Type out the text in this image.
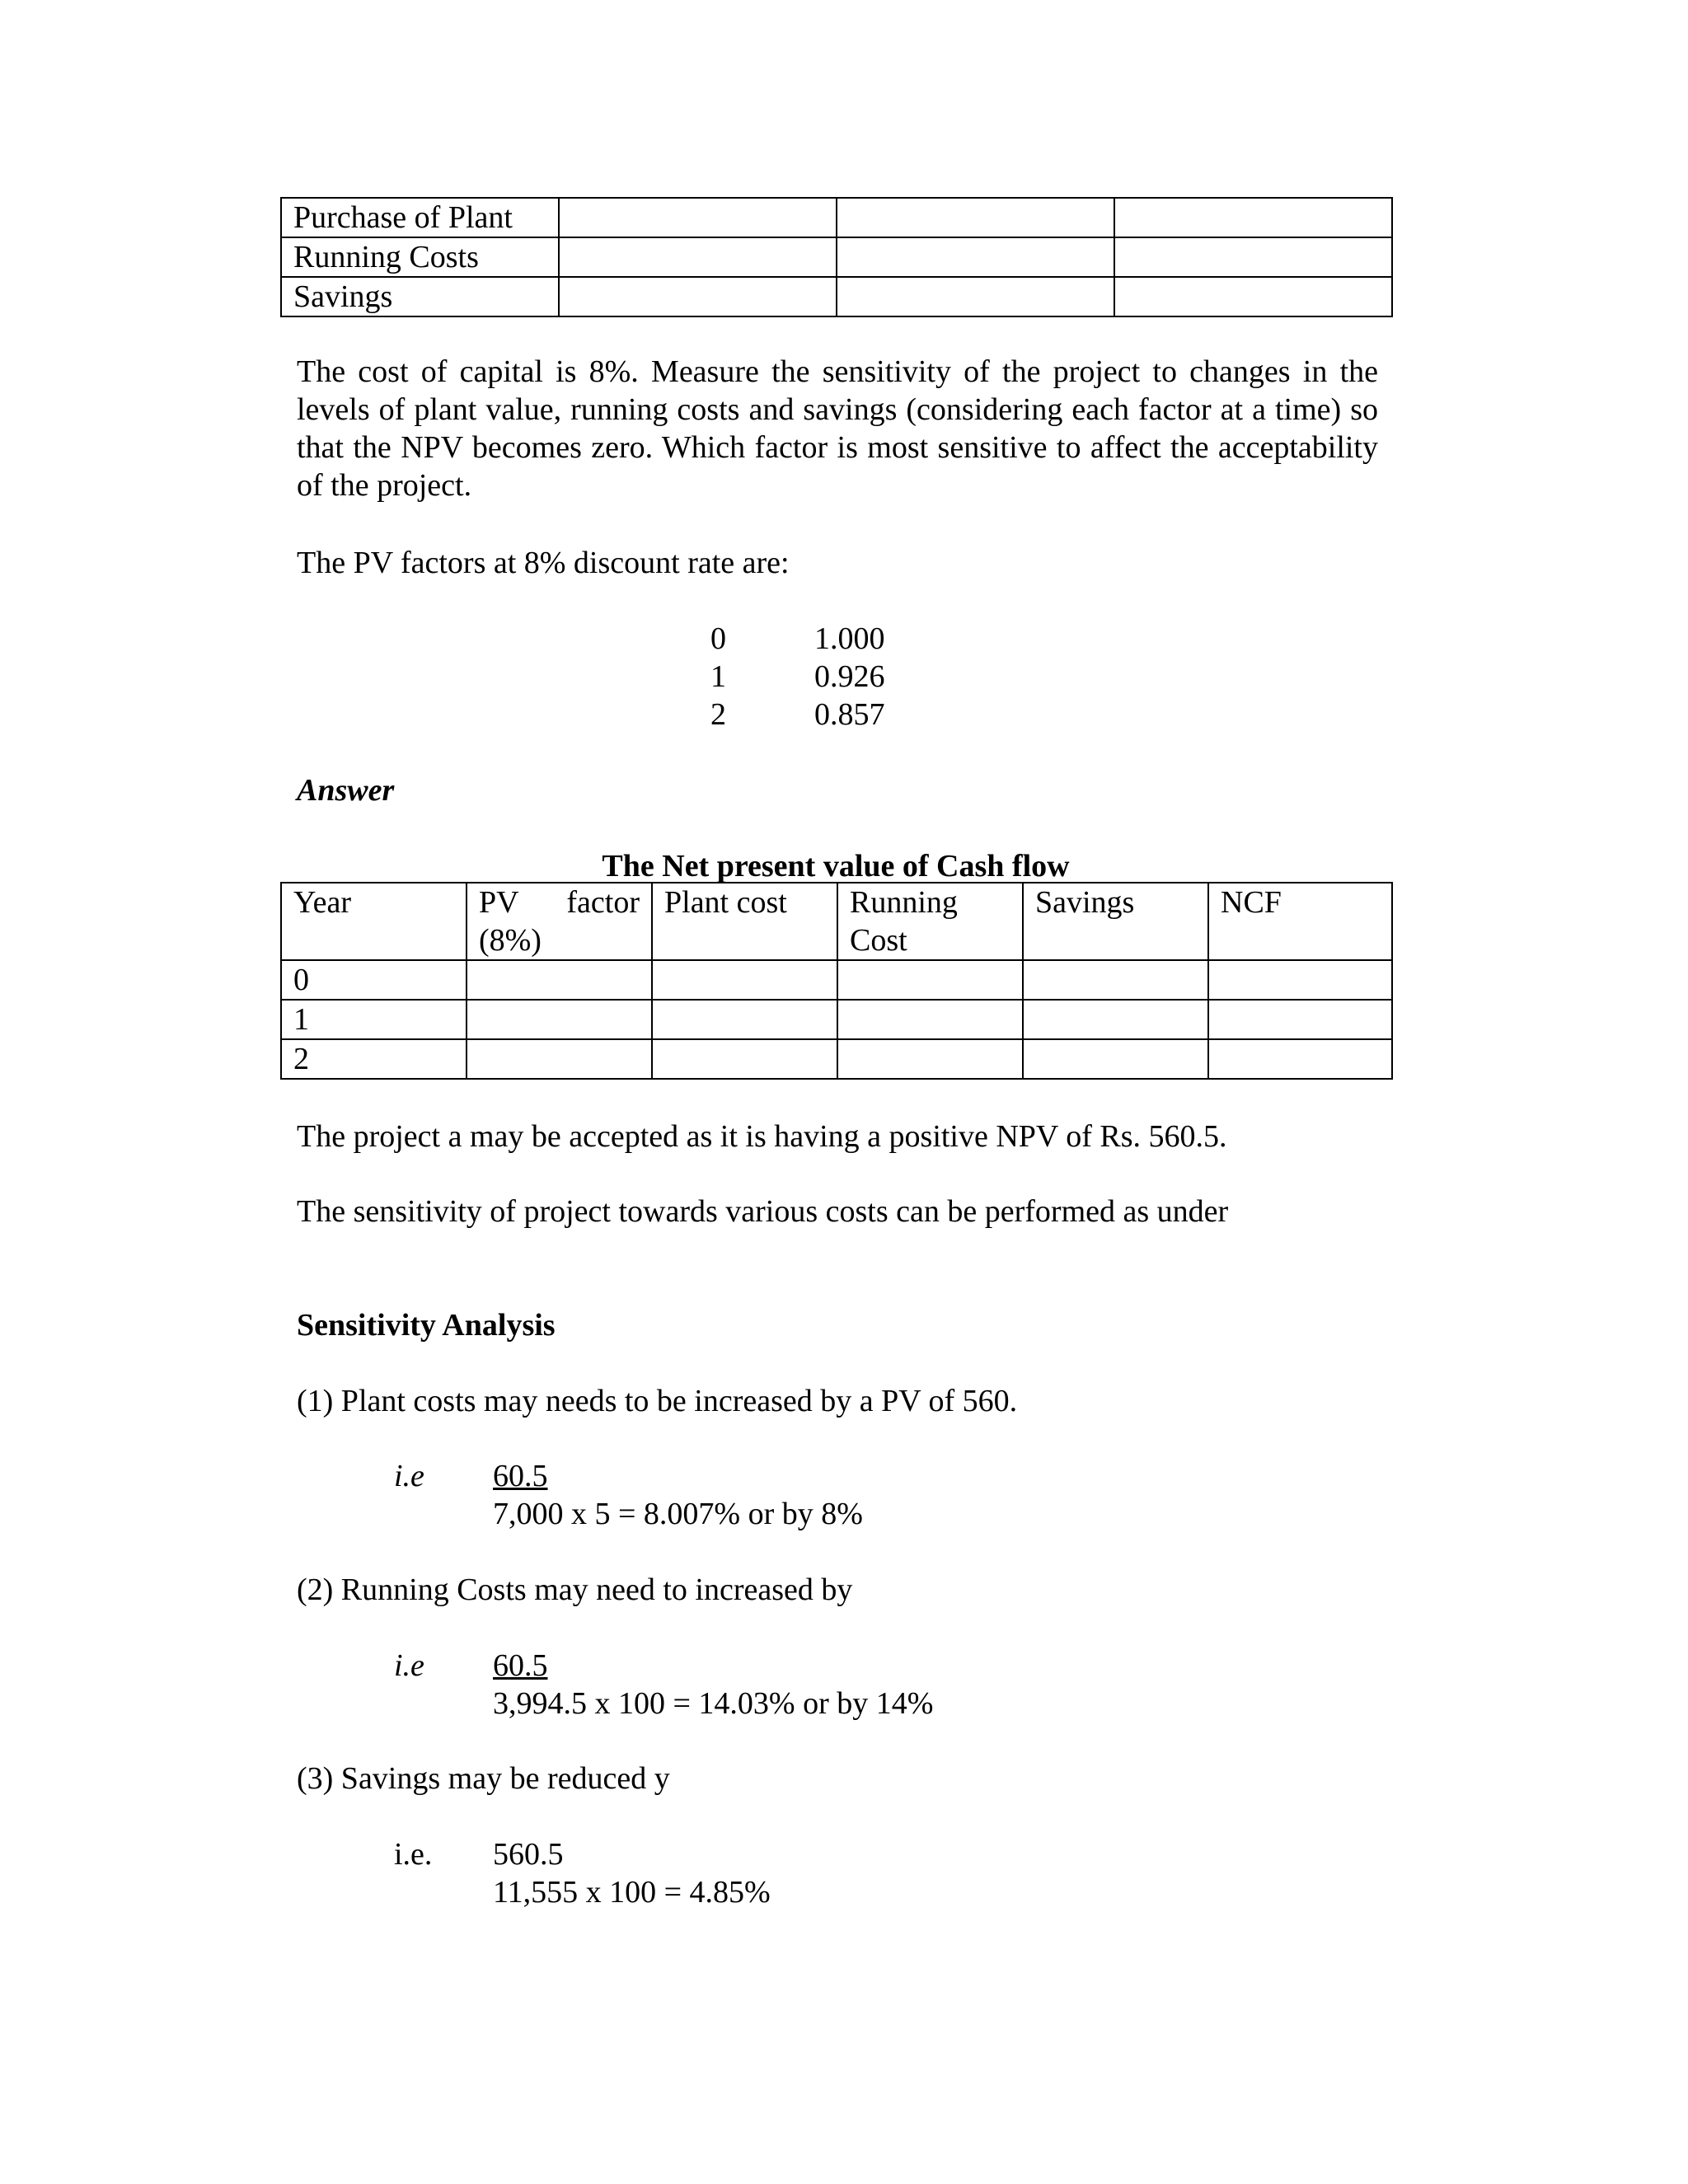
Purchase of Plant			
Running Costs			
Savings			
The cost of capital is 8%. Measure the sensitivity of the project to changes in the levels of plant value, running costs and savings (considering each factor at a time) so that the NPV becomes zero. Which factor is most sensitive to affect the acceptability of the project.
The PV factors at 8% discount rate are:
0	1.000
1	0.926
2	0.857
Answer
The Net present value of Cash flow
Year	PV factor (8%)	Plant cost	Running Cost	Savings	NCF
0					
1					
2					
The project a may be accepted as it is having a positive NPV of Rs. 560.5.
The sensitivity of project towards various costs can be performed as under
Sensitivity Analysis
(1) Plant costs may needs to be increased by a PV of 560.
i.e 60.5
7,000 x 5 = 8.007% or by 8%
(2) Running Costs may need to increased by
i.e 60.5
3,994.5 x 100 = 14.03% or by 14%
(3) Savings may be reduced y
i.e. 560.5
11,555 x 100 = 4.85%
